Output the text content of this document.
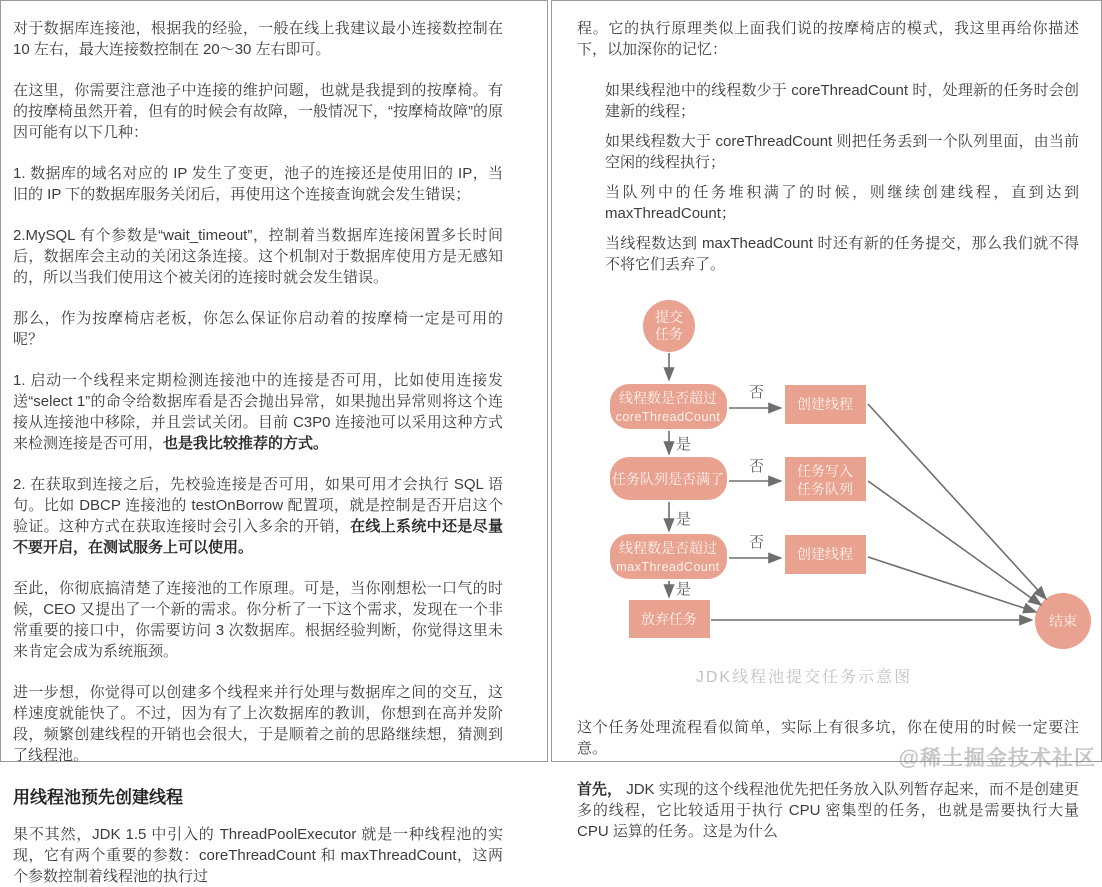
对于数据库连接池，根据我的经验，一般在线上我建议最小连接数控制在 10 左右，最大连接数控制在 20～30 左右即可。

在这里，你需要注意池子中连接的维护问题，也就是我提到的按摩椅。有的按摩椅虽然开着，但有的时候会有故障，一般情况下，“按摩椅故障”的原因可能有以下几种：

1. 数据库的域名对应的 IP 发生了变更，池子的连接还是使用旧的 IP，当旧的 IP 下的数据库服务关闭后，再使用这个连接查询就会发生错误；

2.MySQL 有个参数是“wait_timeout”，控制着当数据库连接闲置多长时间后，数据库会主动的关闭这条连接。这个机制对于数据库使用方是无感知的，所以当我们使用这个被关闭的连接时就会发生错误。

那么，作为按摩椅店老板，你怎么保证你启动着的按摩椅一定是可用的呢？

1. 启动一个线程来定期检测连接池中的连接是否可用，比如使用连接发送“select 1”的命令给数据库看是否会抛出异常，如果抛出异常则将这个连接从连接池中移除，并且尝试关闭。目前 C3P0 连接池可以采用这种方式来检测连接是否可用，也是我比较推荐的方式。

2. 在获取到连接之后，先校验连接是否可用，如果可用才会执行 SQL 语句。比如 DBCP 连接池的 testOnBorrow 配置项，就是控制是否开启这个验证。这种方式在获取连接时会引入多余的开销，在线上系统中还是尽量不要开启，在测试服务上可以使用。

至此，你彻底搞清楚了连接池的工作原理。可是，当你刚想松一口气的时候，CEO 又提出了一个新的需求。你分析了一下这个需求，发现在一个非常重要的接口中，你需要访问 3 次数据库。根据经验判断，你觉得这里未来肯定会成为系统瓶颈。

进一步想，你觉得可以创建多个线程来并行处理与数据库之间的交互，这样速度就能快了。不过，因为有了上次数据库的教训，你想到在高并发阶段，频繁创建线程的开销也会很大，于是顺着之前的思路继续想，猜测到了线程池。

用线程池预先创建线程

果不其然，JDK 1.5 中引入的 ThreadPoolExecutor 就是一种线程池的实现，它有两个重要的参数：coreThreadCount 和 maxThreadCount，这两个参数控制着线程池的执行过

程。它的执行原理类似上面我们说的按摩椅店的模式，我这里再给你描述下，以加深你的记忆：

如果线程池中的线程数少于 coreThreadCount 时，处理新的任务时会创建新的线程；
如果线程数大于 coreThreadCount 则把任务丢到一个队列里面，由当前空闲的线程执行；
当队列中的任务堆积满了的时候，则继续创建线程，直到达到 maxThreadCount；
当线程数达到 maxTheadCount 时还有新的任务提交，那么我们就不得不将它们丢弃了。
提交
任务
线程数是否超过
coreThreadCount
否
创建线程
是
任务队列是否满了
否 任务写入
任务队列
是
线程数是否超过
maxThreadCount
否
创建线程
是
放弃任务	结束
JDK线程池提交任务示意图

这个任务处理流程看似简单，实际上有很多坑，你在使用的时候一定要注意。

首先， JDK 实现的这个线程池优先把任务放入队列暂存起来，而不是创建更多的线程，它比较适用于执行 CPU 密集型的任务，也就是需要执行大量 CPU 运算的任务。这是为什么

@稀土掘金技术社区
